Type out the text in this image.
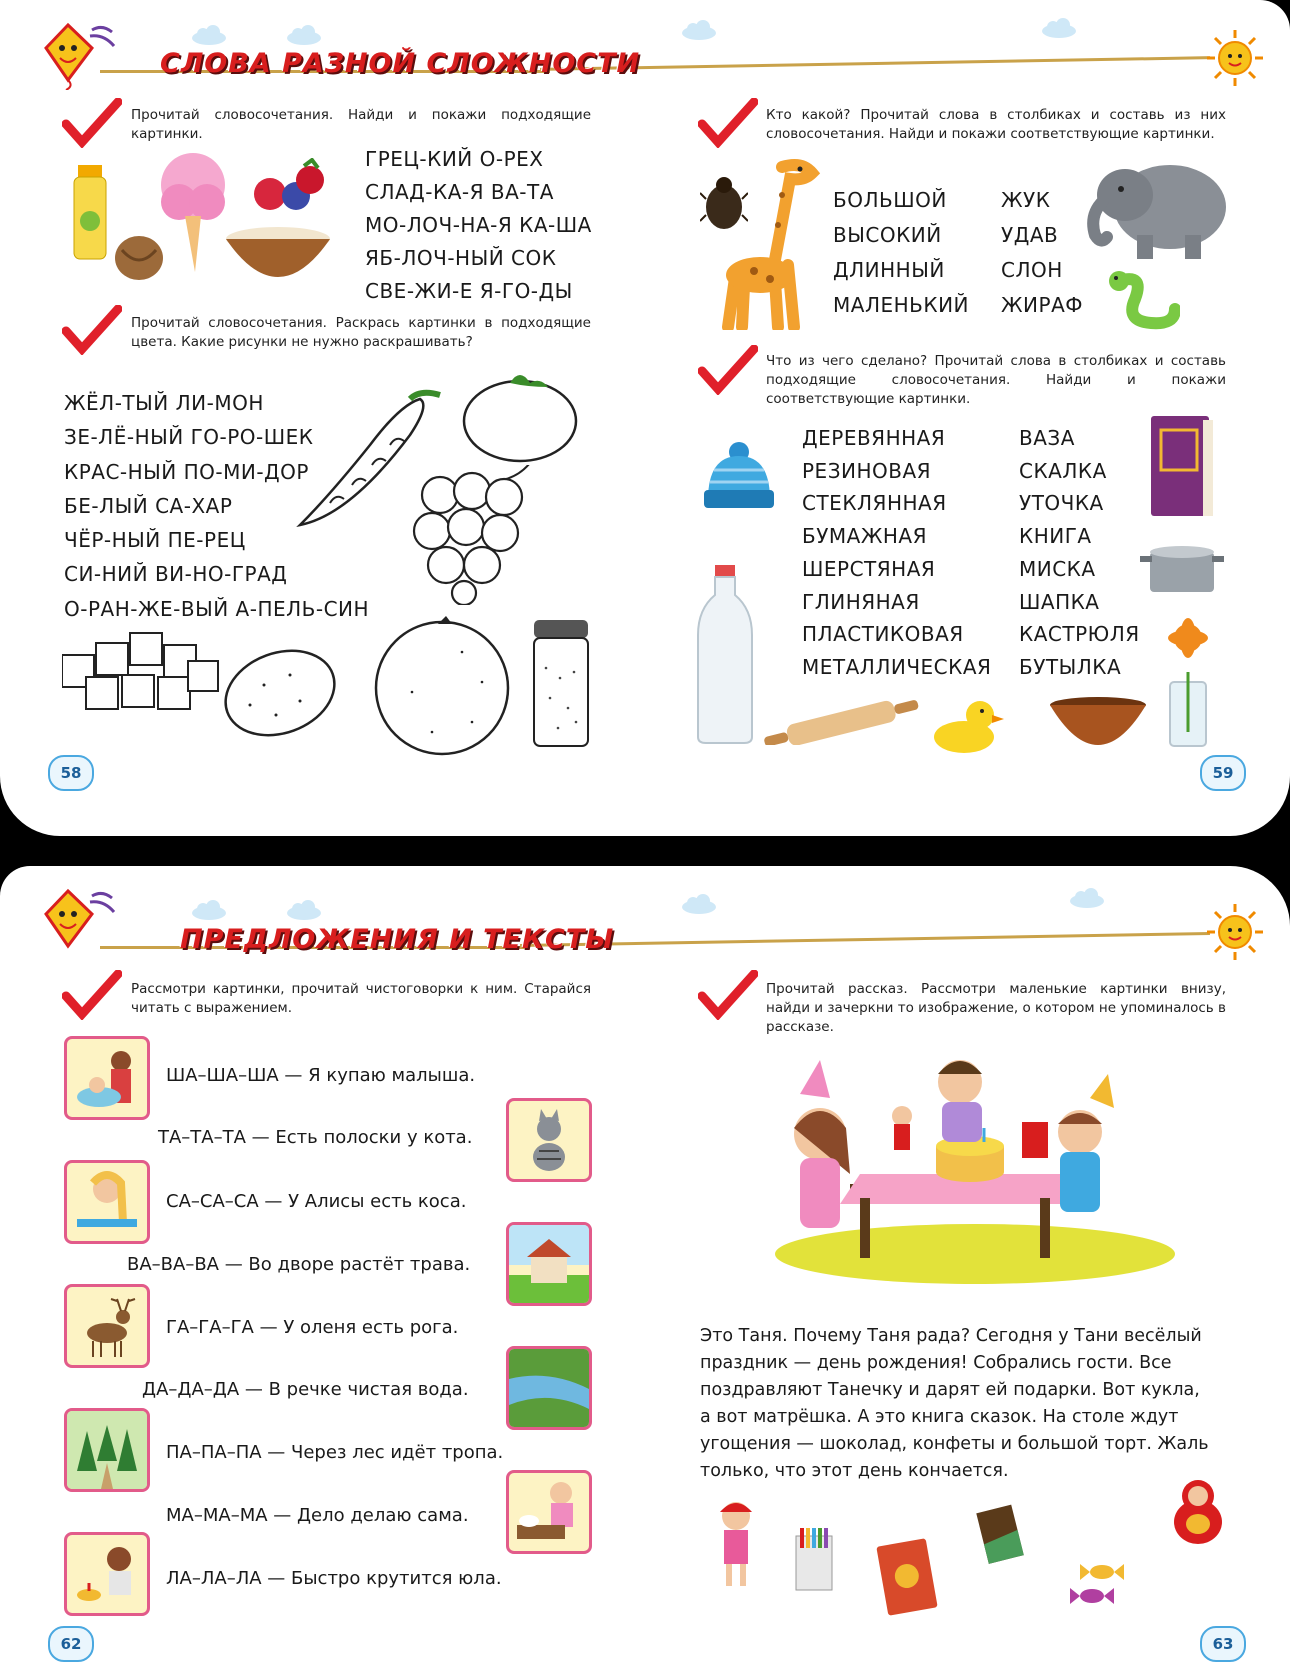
СЛОВА РАЗНОЙ СЛОЖНОСТИ
Прочитай словосочетания. Найди и покажи подходящие картинки.
ГРЕЦ-КИЙ О-РЕХ
СЛАД-КА-Я ВА-ТА
МО-ЛОЧ-НА-Я КА-ША
ЯБ-ЛОЧ-НЫЙ СОК
СВЕ-ЖИ-Е Я-ГО-ДЫ
Прочитай словосочетания. Раскрась картинки в подходящие цвета. Какие рисунки не нужно раскрашивать?
ЖЁЛ-ТЫЙ ЛИ-МОН
ЗЕ-ЛЁ-НЫЙ ГО-РО-ШЕК
КРАС-НЫЙ ПО-МИ-ДОР
БЕ-ЛЫЙ СА-ХАР
ЧЁР-НЫЙ ПЕ-РЕЦ
СИ-НИЙ ВИ-НО-ГРАД
О-РАН-ЖЕ-ВЫЙ А-ПЕЛЬ-СИН
58
Кто какой? Прочитай слова в столбиках и составь из них словосочетания. Найди и покажи соответствующие картинки.
БОЛЬШОЙ
ВЫСОКИЙ
ДЛИННЫЙ
МАЛЕНЬКИЙ
ЖУК
УДАВ
СЛОН
ЖИРАФ
Что из чего сделано? Прочитай слова в столбиках и составь подходящие словосочетания. Найди и покажи соответствующие картинки.
ДЕРЕВЯННАЯ
РЕЗИНОВАЯ
СТЕКЛЯННАЯ
БУМАЖНАЯ
ШЕРСТЯНАЯ
ГЛИНЯНАЯ
ПЛАСТИКОВАЯ
МЕТАЛЛИЧЕСКАЯ
ВАЗА
СКАЛКА
УТОЧКА
КНИГА
МИСКА
ШАПКА
КАСТРЮЛЯ
БУТЫЛКА
59
ПРЕДЛОЖЕНИЯ И ТЕКСТЫ
Рассмотри картинки, прочитай чистоговорки к ним. Старайся читать с выражением.
ША–ША–ША — Я купаю малыша.
ТА–ТА–ТА — Есть полоски у кота.
СА–СА–СА — У Алисы есть коса.
ВА–ВА–ВА — Во дворе растёт трава.
ГА–ГА–ГА — У оленя есть рога.
ДА–ДА–ДА — В речке чистая вода.
ПА–ПА–ПА — Через лес идёт тропа.
МА–МА–МА — Дело делаю сама.
ЛА–ЛА–ЛА — Быстро крутится юла.
62
Прочитай рассказ. Рассмотри маленькие картинки внизу, найди и зачеркни то изображение, о котором не упоминалось в рассказе.
Это Таня. Почему Таня рада? Сегодня у Тани весёлый
праздник — день рождения! Собрались гости. Все
поздравляют Танечку и дарят ей подарки. Вот кукла,
а вот матрёшка. А это книга сказок. На столе ждут
угощения — шоколад, конфеты и большой торт. Жаль
только, что этот день кончается.
63
